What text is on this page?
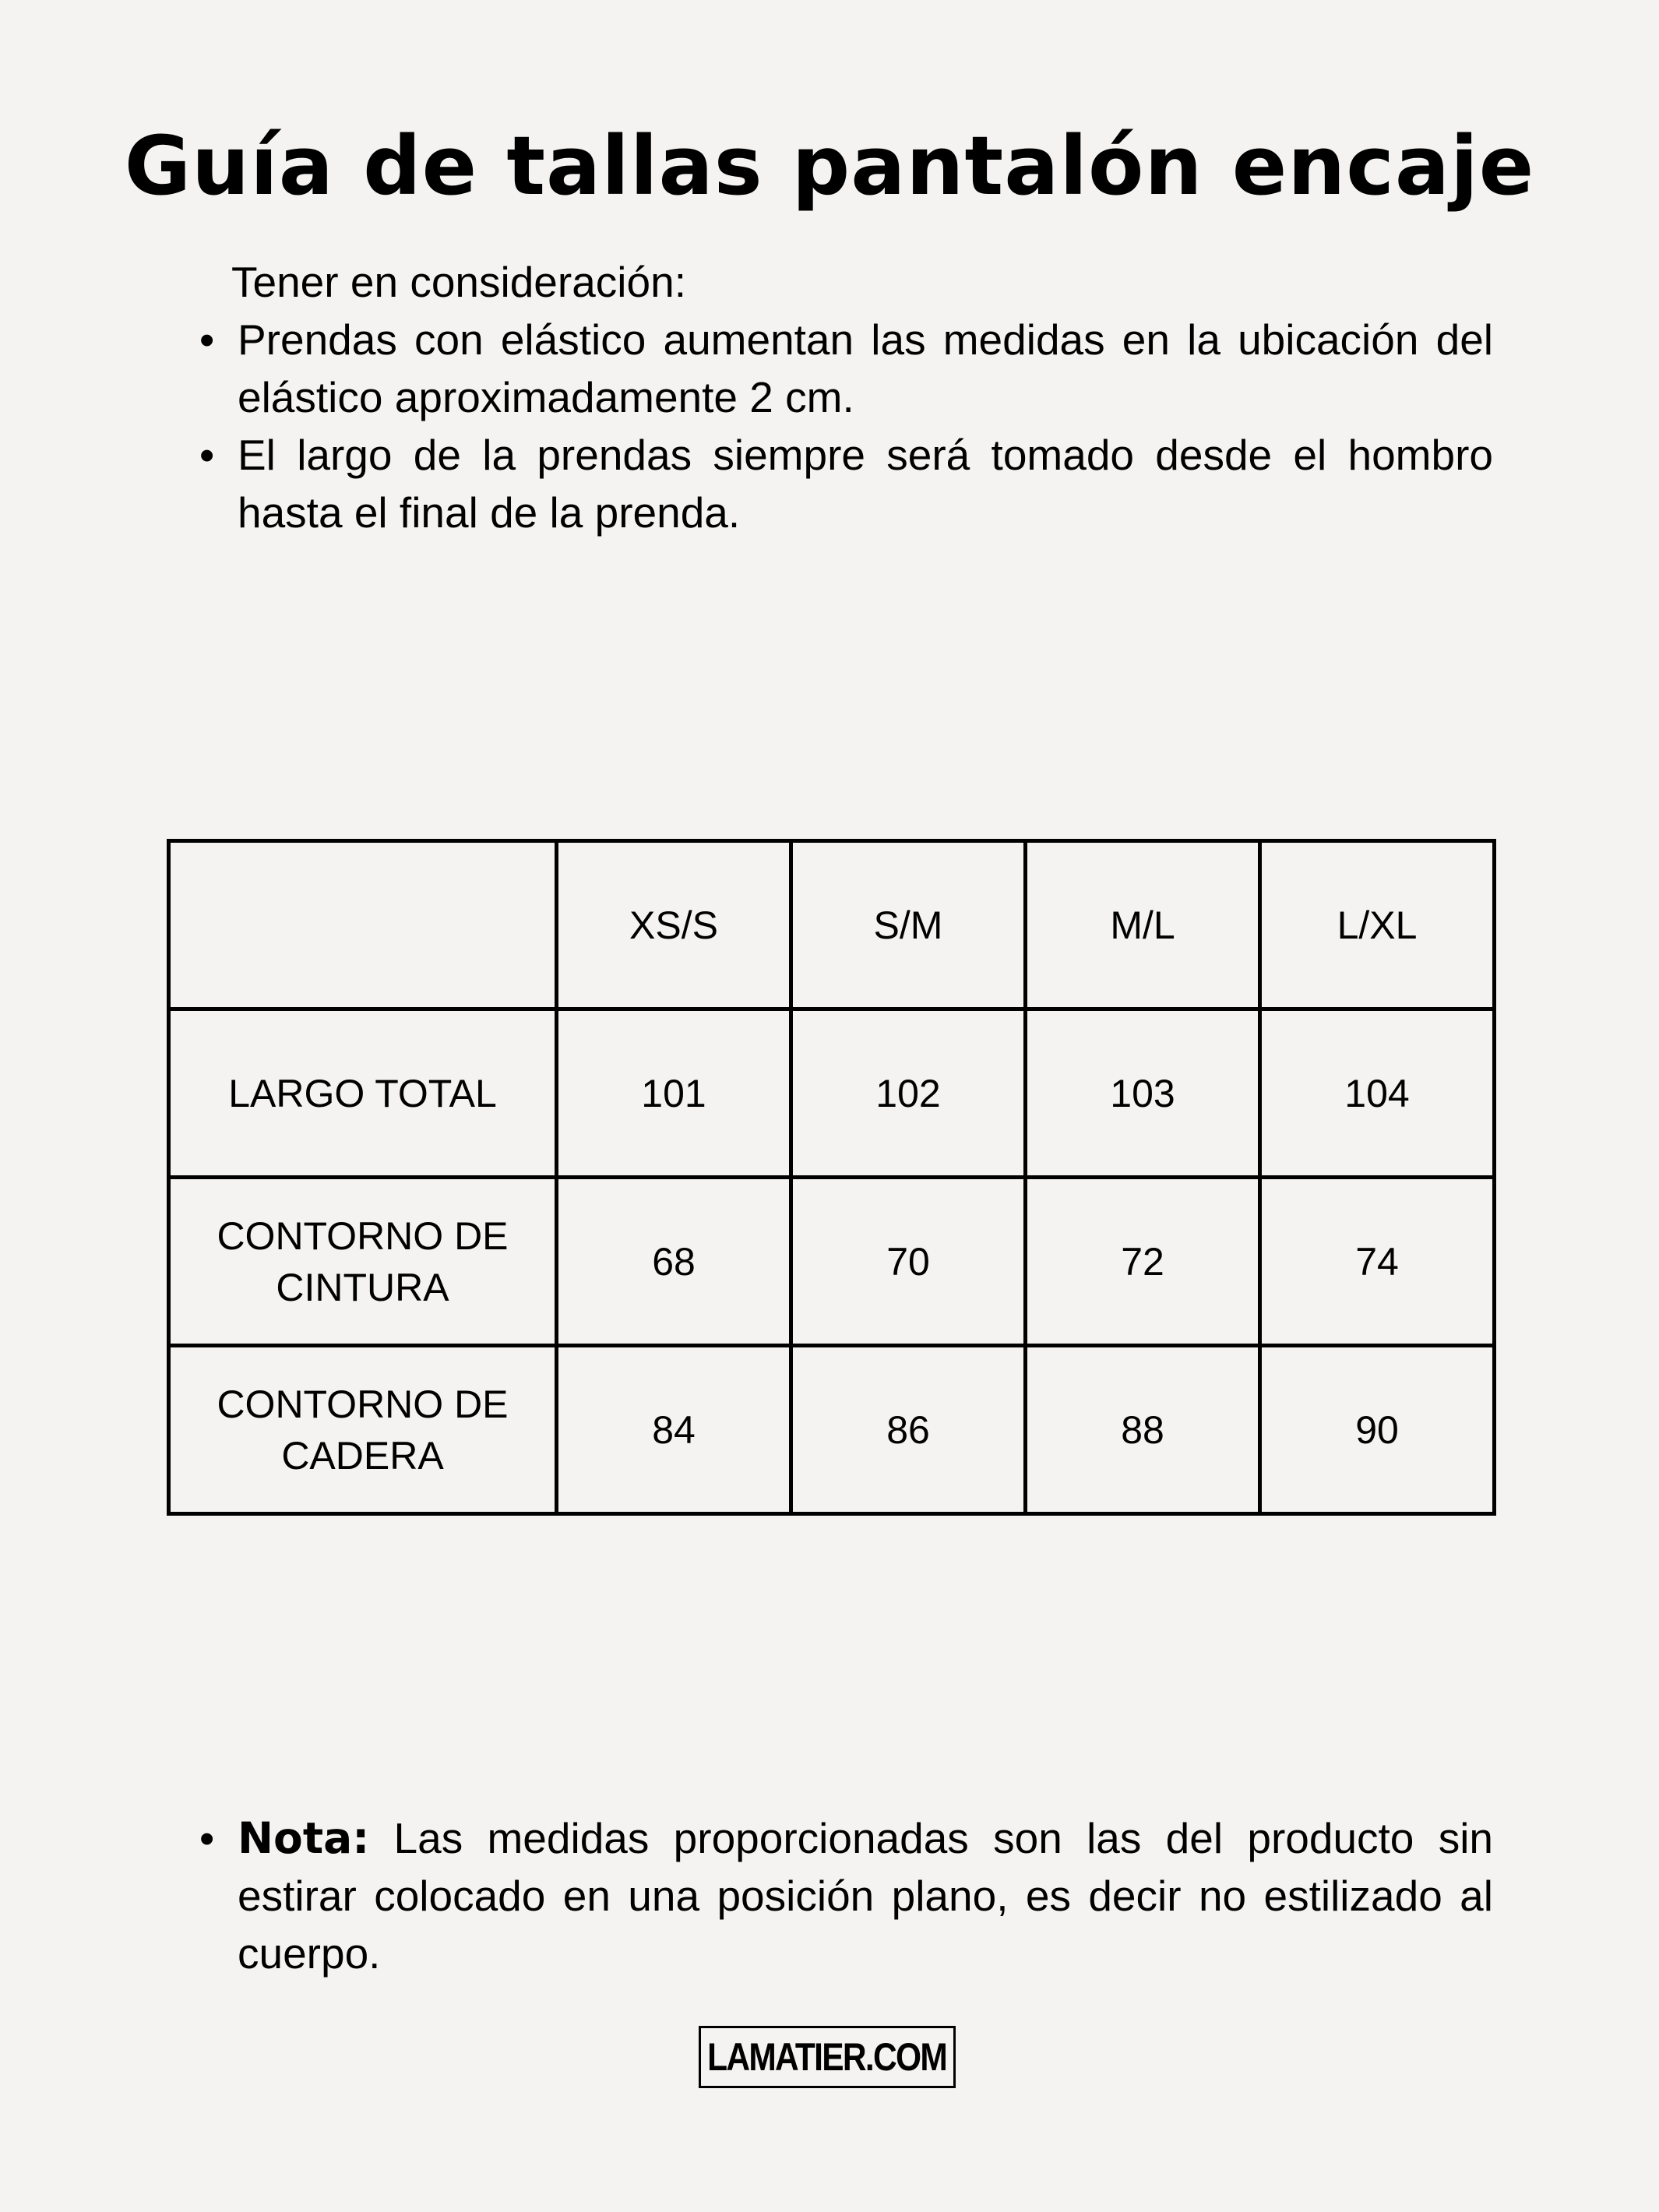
Guía de tallas pantalón encaje
Tener en consideración:
• Prendas con elástico aumentan las medidas en la ubicación del elástico aproximadamente 2 cm.
• El largo de la prendas siempre será tomado desde el hombro hasta el final de la prenda.
	XS/S	S/M	M/L	L/XL
LARGO TOTAL	101	102	103	104
CONTORNO DE CINTURA	68	70	72	74
CONTORNO DE CADERA	84	86	88	90
• Nota: Las medidas proporcionadas son las del producto sin estirar colocado en una posición plano, es decir no estilizado al cuerpo.
LAMATIER.COM
